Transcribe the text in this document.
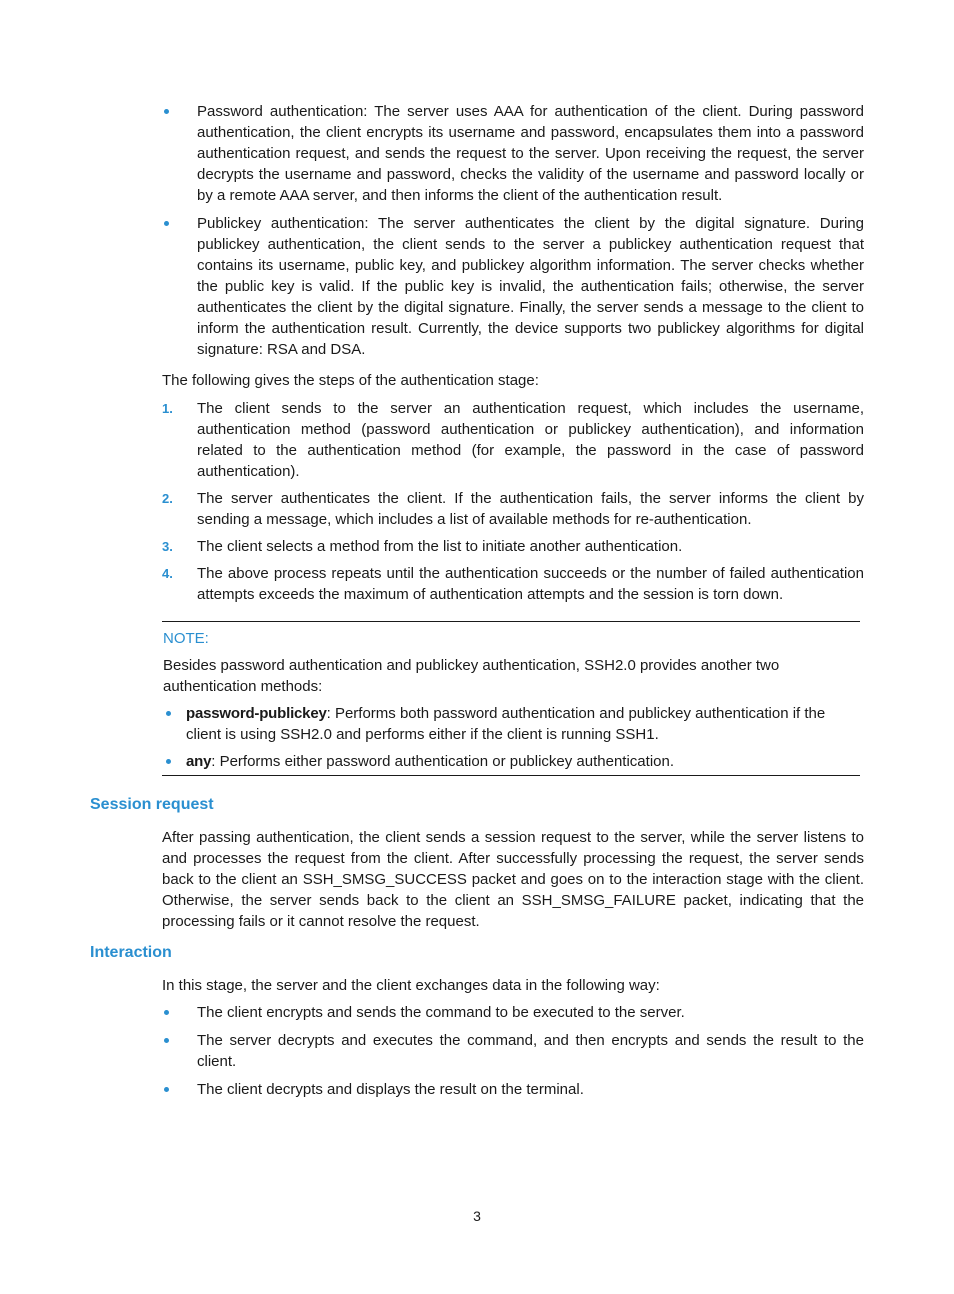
Password authentication: The server uses AAA for authentication of the client. During password authentication, the client encrypts its username and password, encapsulates them into a password authentication request, and sends the request to the server. Upon receiving the request, the server decrypts the username and password, checks the validity of the username and password locally or by a remote AAA server, and then informs the client of the authentication result.
Publickey authentication: The server authenticates the client by the digital signature. During publickey authentication, the client sends to the server a publickey authentication request that contains its username, public key, and publickey algorithm information. The server checks whether the public key is valid. If the public key is invalid, the authentication fails; otherwise, the server authenticates the client by the digital signature. Finally, the server sends a message to the client to inform the authentication result. Currently, the device supports two publickey algorithms for digital signature: RSA and DSA.

The following gives the steps of the authentication stage:

1. The client sends to the server an authentication request, which includes the username, authentication method (password authentication or publickey authentication), and information related to the authentication method (for example, the password in the case of password authentication).
2. The server authenticates the client. If the authentication fails, the server informs the client by sending a message, which includes a list of available methods for re-authentication.
3. The client selects a method from the list to initiate another authentication.
4. The above process repeats until the authentication succeeds or the number of failed authentication attempts exceeds the maximum of authentication attempts and the session is torn down.
NOTE:
Besides password authentication and publickey authentication, SSH2.0 provides another two authentication methods:
password-publickey: Performs both password authentication and publickey authentication if the client is using SSH2.0 and performs either if the client is running SSH1.
any: Performs either password authentication or publickey authentication.
Session request

After passing authentication, the client sends a session request to the server, while the server listens to and processes the request from the client. After successfully processing the request, the server sends back to the client an SSH_SMSG_SUCCESS packet and goes on to the interaction stage with the client. Otherwise, the server sends back to the client an SSH_SMSG_FAILURE packet, indicating that the processing fails or it cannot resolve the request.

Interaction

In this stage, the server and the client exchanges data in the following way:

The client encrypts and sends the command to be executed to the server.
The server decrypts and executes the command, and then encrypts and sends the result to the client.
The client decrypts and displays the result on the terminal.
3
